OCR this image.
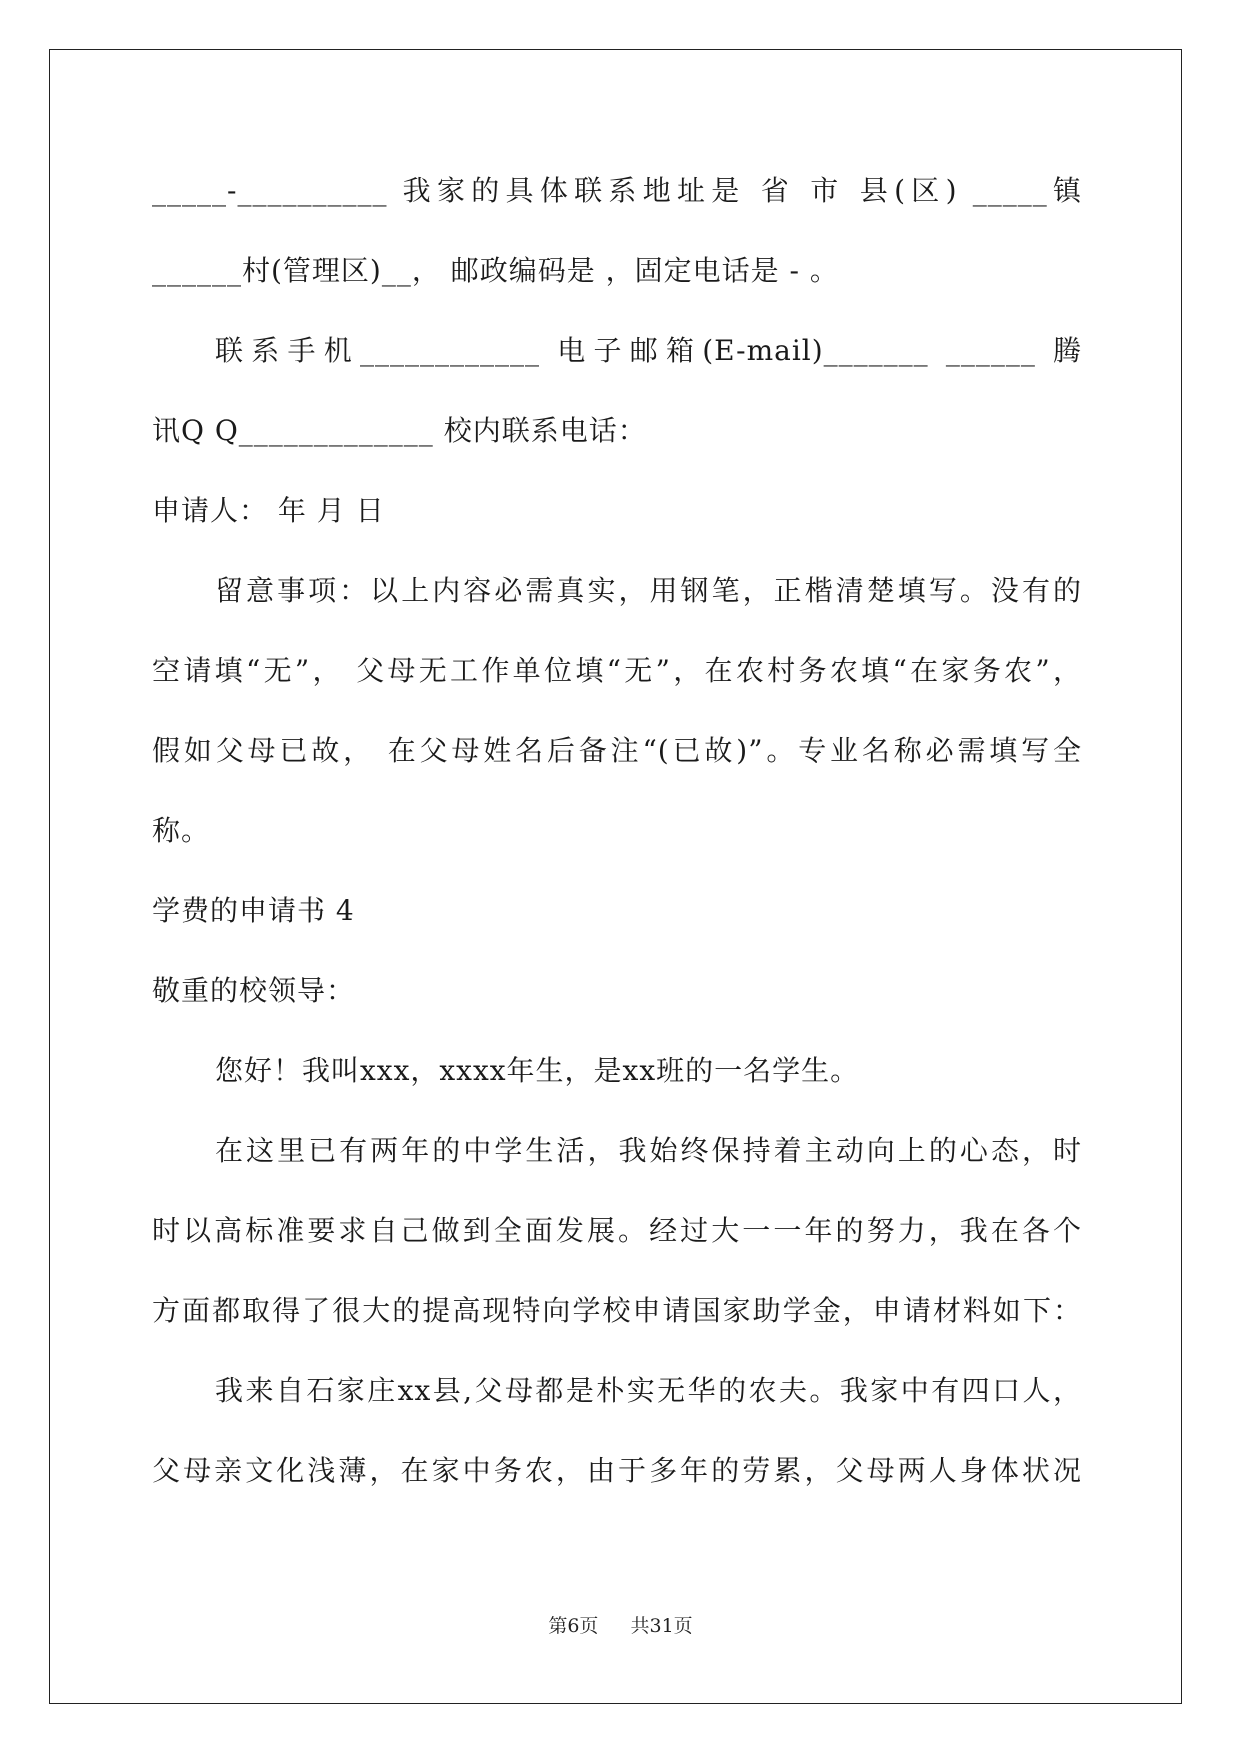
_____-__________ 我家的具体联系地址是 省 市 县(区) _____镇
______村(管理区)__， 邮政编码是 ，固定电话是 - 。
联系手机____________ 电子邮箱(E-mail)_______ ______ 腾
讯Q Q_____________ 校内联系电话：
申请人： 年 月 日
留意事项：以上内容必需真实，用钢笔，正楷清楚填写。没有的
空请填“无”， 父母无工作单位填“无”，在农村务农填“在家务农”，
假如父母已故， 在父母姓名后备注“(已故)”。专业名称必需填写全
称。
学费的申请书 4
敬重的校领导：
您好！我叫xxx，xxxx年生，是xx班的一名学生。
在这里已有两年的中学生活，我始终保持着主动向上的心态，时
时以高标准要求自己做到全面发展。经过大一一年的努力，我在各个
方面都取得了很大的提高现特向学校申请国家助学金，申请材料如下：
我来自石家庄xx县,父母都是朴实无华的农夫。我家中有四口人，
父母亲文化浅薄，在家中务农，由于多年的劳累，父母两人身体状况
第6页 共31页
